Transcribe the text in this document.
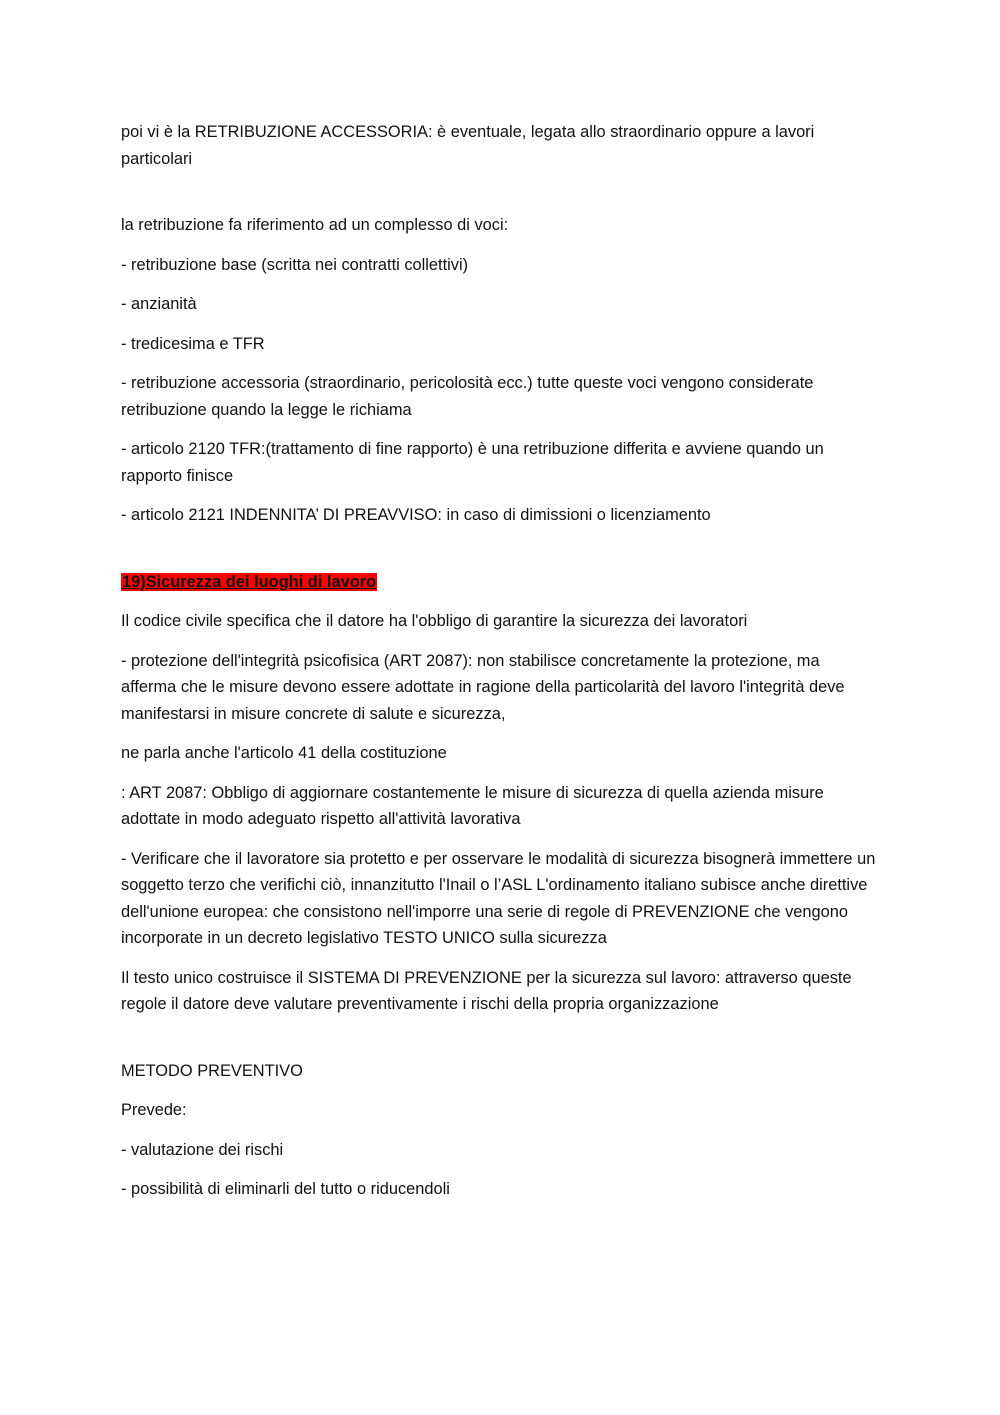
poi vi è la RETRIBUZIONE ACCESSORIA: è eventuale, legata allo straordinario oppure a lavori particolari

la retribuzione fa riferimento ad un complesso di voci:

- retribuzione base (scritta nei contratti collettivi)

- anzianità

- tredicesima e TFR

- retribuzione accessoria (straordinario, pericolosità ecc.) tutte queste voci vengono considerate retribuzione quando la legge le richiama

- articolo 2120 TFR:(trattamento di fine rapporto) è una retribuzione differita e avviene quando un rapporto finisce

- articolo 2121 INDENNITA’ DI PREAVVISO: in caso di dimissioni o licenziamento

19)Sicurezza dei luoghi di lavoro

Il codice civile specifica che il datore ha l'obbligo di garantire la sicurezza dei lavoratori

- protezione dell'integrità psicofisica (ART 2087): non stabilisce concretamente la protezione, ma afferma che le misure devono essere adottate in ragione della particolarità del lavoro l'integrità deve manifestarsi in misure concrete di salute e sicurezza,

ne parla anche l'articolo 41 della costituzione

: ART 2087: Obbligo di aggiornare costantemente le misure di sicurezza di quella azienda misure adottate in modo adeguato rispetto all'attività lavorativa

- Verificare che il lavoratore sia protetto e per osservare le modalità di sicurezza bisognerà immettere un soggetto terzo che verifichi ciò, innanzitutto l'Inail o l’ASL L'ordinamento italiano subisce anche direttive dell'unione europea: che consistono nell'imporre una serie di regole di PREVENZIONE che vengono incorporate in un decreto legislativo TESTO UNICO sulla sicurezza

Il testo unico costruisce il SISTEMA DI PREVENZIONE per la sicurezza sul lavoro: attraverso queste regole il datore deve valutare preventivamente i rischi della propria organizzazione

METODO PREVENTIVO

Prevede:

- valutazione dei rischi

- possibilità di eliminarli del tutto o riducendoli
